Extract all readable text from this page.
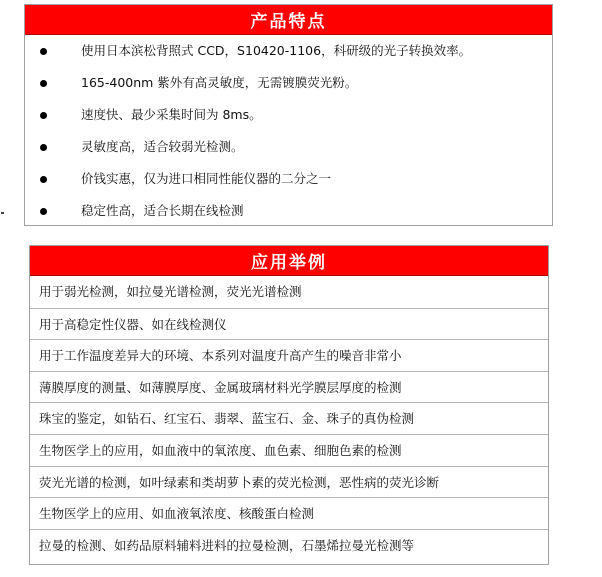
产品特点
使用日本滨松背照式 CCD，S10420-1106，科研级的光子转换效率。
165-400nm 紫外有高灵敏度，无需镀膜荧光粉。
速度快、最少采集时间为 8ms。
灵敏度高，适合较弱光检测。
价钱实惠，仅为进口相同性能仪器的二分之一
稳定性高，适合长期在线检测
应用举例
用于弱光检测，如拉曼光谱检测，荧光光谱检测
用于高稳定性仪器、如在线检测仪
用于工作温度差异大的环境、本系列对温度升高产生的噪音非常小
薄膜厚度的测量、如薄膜厚度、金属玻璃材料光学膜层厚度的检测
珠宝的鉴定，如钻石、红宝石、翡翠、蓝宝石、金、珠子的真伪检测
生物医学上的应用，如血液中的氧浓度、血色素、细胞色素的检测
荧光光谱的检测，如叶绿素和类胡萝卜素的荧光检测，恶性病的荧光诊断
生物医学上的应用、如血液氧浓度、核酸蛋白检测
拉曼的检测、如药品原料辅料进料的拉曼检测，石墨烯拉曼光检测等
